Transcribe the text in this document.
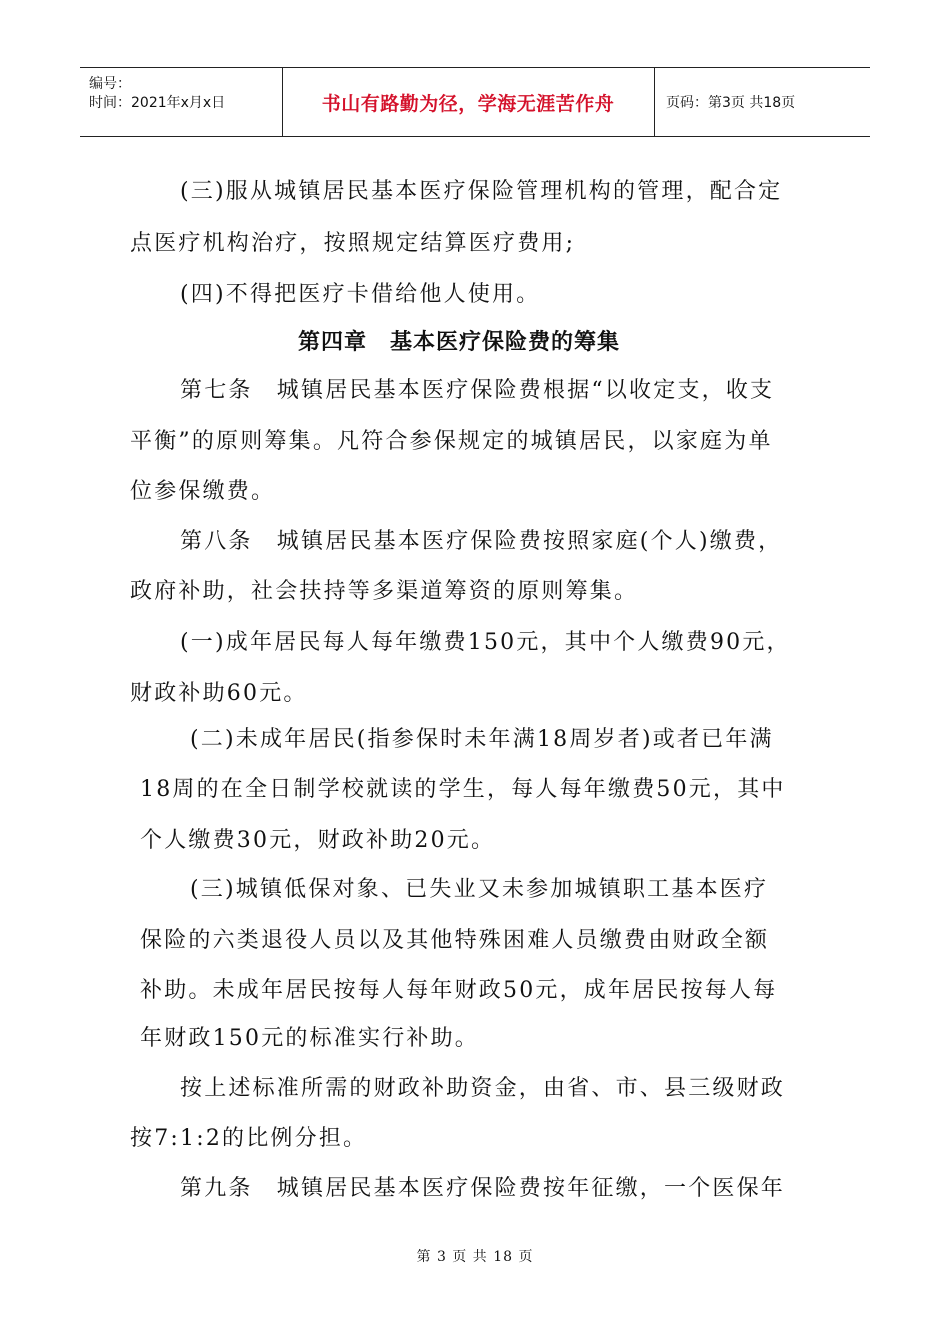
编号：
时间：2021年x月x日	书山有路勤为径，学海无涯苦作舟	页码：第3页 共18页
(三)服从城镇居民基本医疗保险管理机构的管理，配合定
点医疗机构治疗，按照规定结算医疗费用;
(四)不得把医疗卡借给他人使用。
第四章　基本医疗保险费的筹集
第七条　城镇居民基本医疗保险费根据“以收定支，收支
平衡”的原则筹集。凡符合参保规定的城镇居民，以家庭为单
位参保缴费。
第八条　城镇居民基本医疗保险费按照家庭(个人)缴费，
政府补助，社会扶持等多渠道筹资的原则筹集。
(一)成年居民每人每年缴费150元，其中个人缴费90元，
财政补助60元。
(二)未成年居民(指参保时未年满18周岁者)或者已年满
18周的在全日制学校就读的学生，每人每年缴费50元，其中
个人缴费30元，财政补助20元。
(三)城镇低保对象、已失业又未参加城镇职工基本医疗
保险的六类退役人员以及其他特殊困难人员缴费由财政全额
补助。未成年居民按每人每年财政50元，成年居民按每人每
年财政150元的标准实行补助。
按上述标准所需的财政补助资金，由省、市、县三级财政
按7:1:2的比例分担。
第九条　城镇居民基本医疗保险费按年征缴，一个医保年
第 3 页 共 18 页
